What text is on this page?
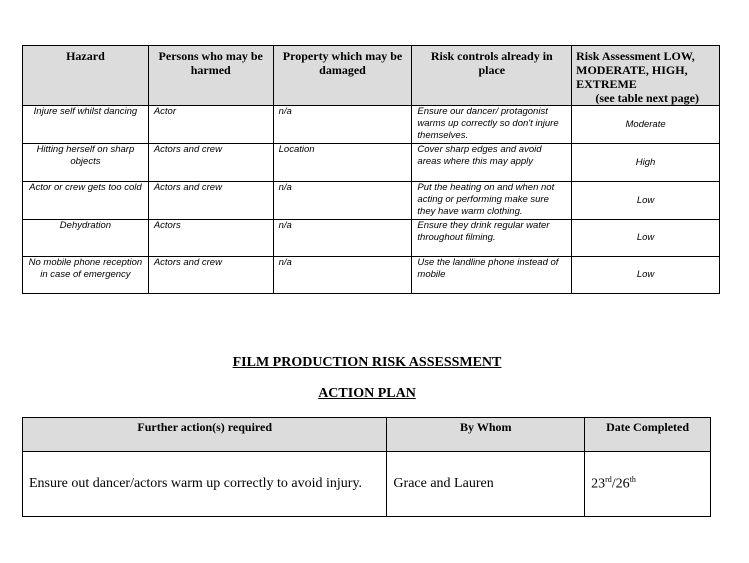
Hazard	Persons who may be harmed	Property which may be damaged	Risk controls already in place	Risk Assessment LOW,
MODERATE, HIGH,
EXTREME
(see table next page)

Injure self whilst dancing	Actor	n/a	Ensure our dancer/ protagonist warms up correctly so don't injure themselves.	Moderate
Hitting herself on sharp objects	Actors and crew	Location	Cover sharp edges and avoid areas where this may apply	High
Actor or crew gets too cold	Actors and crew	n/a	Put the heating on and when not acting or performing make sure they have warm clothing.	Low
Dehydration	Actors	n/a	Ensure they drink regular water throughout filming.	Low
No mobile phone reception in case of emergency	Actors and crew	n/a	Use the landline phone instead of mobile	Low
FILM PRODUCTION RISK ASSESSMENT
ACTION PLAN
Further action(s) required	By Whom	Date Completed
Ensure out dancer/actors warm up correctly to avoid injury.	Grace and Lauren	23rd/26th
